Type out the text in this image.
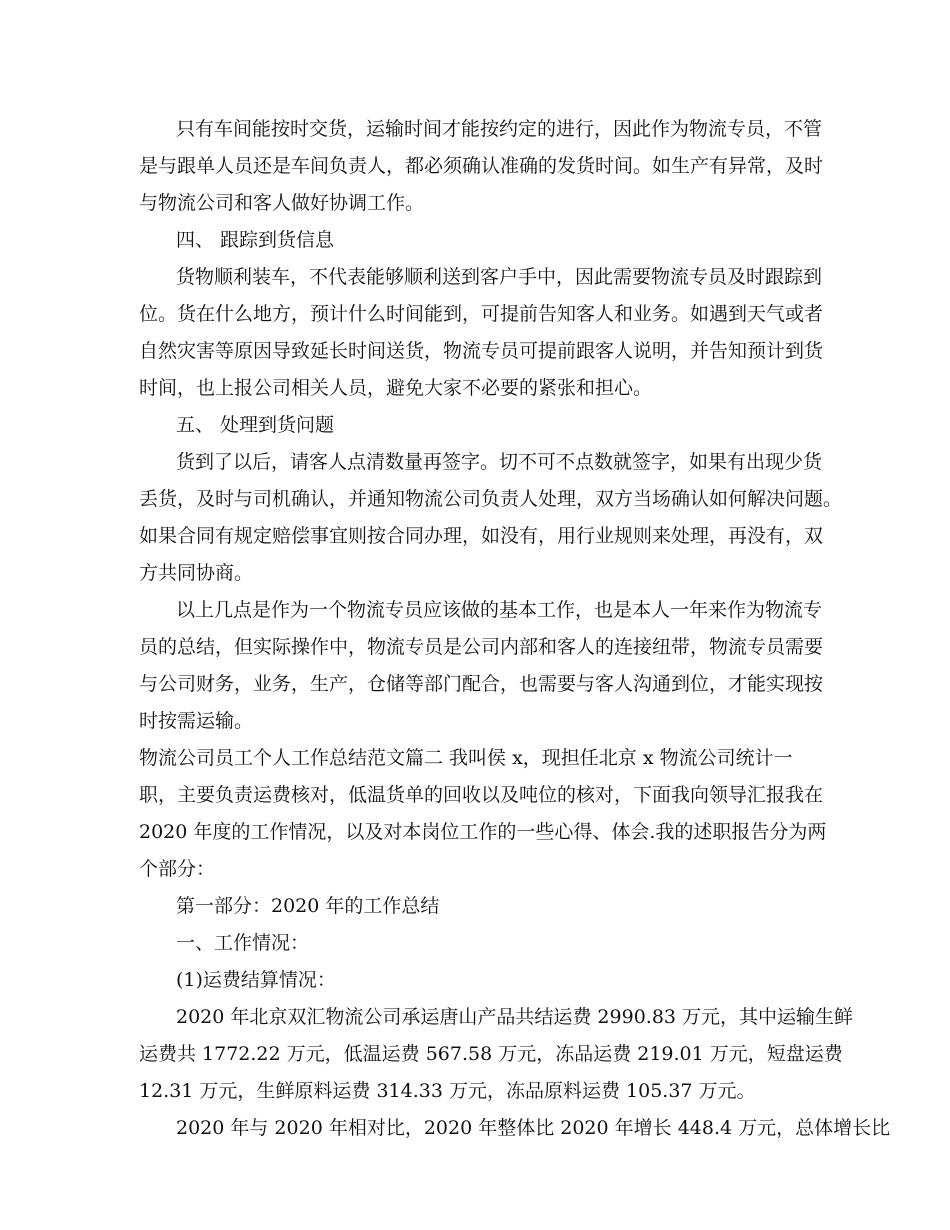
只有车间能按时交货，运输时间才能按约定的进行，因此作为物流专员，不管
是与跟单人员还是车间负责人，都必须确认准确的发货时间。如生产有异常，及时
与物流公司和客人做好协调工作。
四、 跟踪到货信息
货物顺利装车，不代表能够顺利送到客户手中，因此需要物流专员及时跟踪到
位。货在什么地方，预计什么时间能到，可提前告知客人和业务。如遇到天气或者
自然灾害等原因导致延长时间送货，物流专员可提前跟客人说明，并告知预计到货
时间，也上报公司相关人员，避免大家不必要的紧张和担心。
五、 处理到货问题
货到了以后，请客人点清数量再签字。切不可不点数就签字，如果有出现少货
丢货，及时与司机确认，并通知物流公司负责人处理，双方当场确认如何解决问题。
如果合同有规定赔偿事宜则按合同办理，如没有，用行业规则来处理，再没有，双
方共同协商。
以上几点是作为一个物流专员应该做的基本工作，也是本人一年来作为物流专
员的总结，但实际操作中，物流专员是公司内部和客人的连接纽带，物流专员需要
与公司财务，业务，生产，仓储等部门配合，也需要与客人沟通到位，才能实现按
时按需运输。
物流公司员工个人工作总结范文篇二 我叫侯 x，现担任北京 x 物流公司统计一
职，主要负责运费核对，低温货单的回收以及吨位的核对，下面我向领导汇报我在
2020 年度的工作情况，以及对本岗位工作的一些心得、体会.我的述职报告分为两
个部分：
第一部分：2020 年的工作总结
一、工作情况：
(1)运费结算情况：
2020 年北京双汇物流公司承运唐山产品共结运费 2990.83 万元，其中运输生鲜
运费共 1772.22 万元，低温运费 567.58 万元，冻品运费 219.01 万元，短盘运费
12.31 万元，生鲜原料运费 314.33 万元，冻品原料运费 105.37 万元。
2020 年与 2020 年相对比，2020 年整体比 2020 年增长 448.4 万元，总体增长比
